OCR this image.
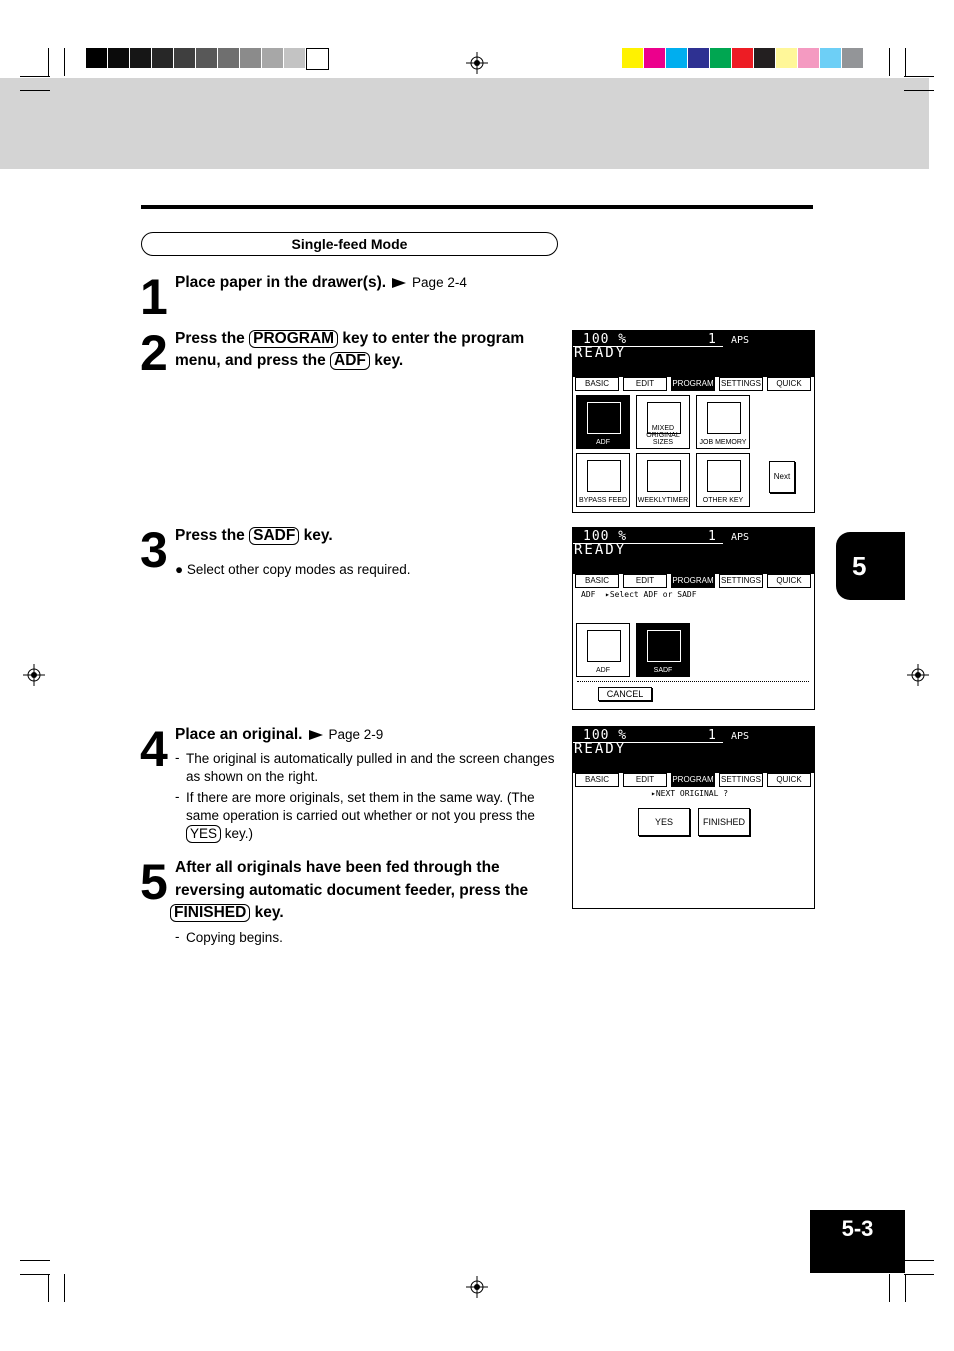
Single-feed Mode
1 Place paper in the drawer(s). Page 2-4
2 Press the PROGRAM key to enter the program
menu, and press the ADF key.
3 Press the SADF key.
● Select other copy modes as required.
4 Place an original. Page 2-9
- The original is automatically pulled in and the screen changes as shown on the right.
- If there are more originals, set them in the same way. (The same operation is carried out whether or not you press the
YES key.)
5 After all originals have been fed through the
reversing automatic document feeder, press the
FINISHED key.
- Copying begins.
100 %	1 APS
READY
BASIC	EDIT	PROGRAM SETTINGS	QUICK
ADF
MIXED ORIGINAL SIZES	JOB MEMORY
BYPASS FEED WEEKLYTIMER	OTHER KEY
Next
100 %	1 APS
READY
BASIC	EDIT	PROGRAM SETTINGS	QUICK
ADF ▸Select ADF or SADF
ADF	SADF
CANCEL
100 %	1 APS
READY
BASIC	EDIT	PROGRAM SETTINGS	QUICK
▸NEXT ORIGINAL ?
YES	FINISHED
5
5-3
